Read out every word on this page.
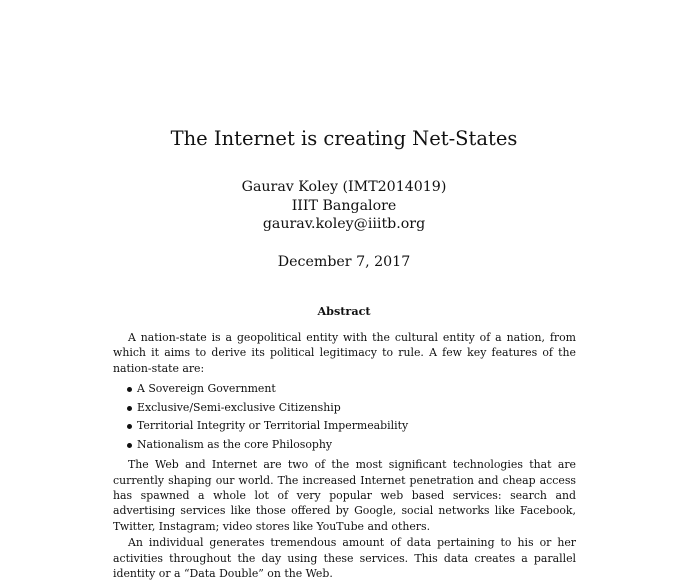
The Internet is creating Net-States
Gaurav Koley (IMT2014019)
IIIT Bangalore
gaurav.koley@iiitb.org
December 7, 2017
Abstract

A nation-state is a geopolitical entity with the cultural entity of a nation, from which it aims to derive its political legitimacy to rule. A few key features of the nation-state are:

A Sovereign Government
Exclusive/Semi-exclusive Citizenship
Territorial Integrity or Territorial Impermeability
Nationalism as the core Philosophy

The Web and Internet are two of the most significant technologies that are currently shaping our world. The increased Internet penetration and cheap access has spawned a whole lot of very popular web based services: search and advertising services like those offered by Google, social networks like Facebook, Twitter, Instagram; video stores like YouTube and others.

An individual generates tremendous amount of data pertaining to his or her activities throughout the day using these services. This data creates a parallel identity or a “Data Double” on the Web.
